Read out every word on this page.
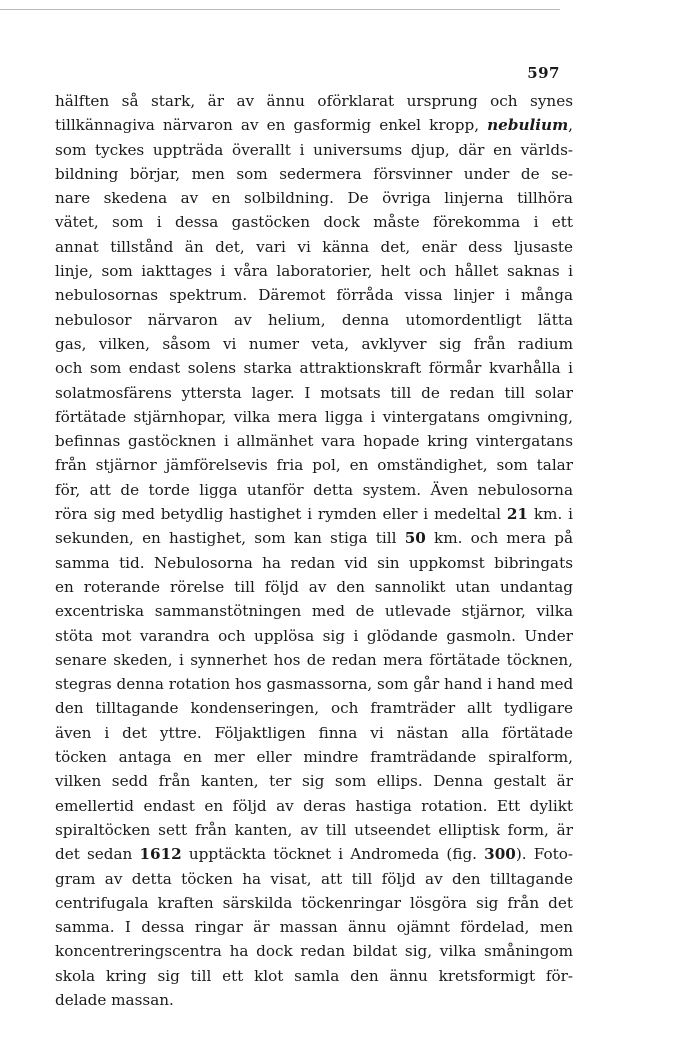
597
hälften så stark, är av ännu oförklarat ursprung och synes
tillkännagiva närvaron av en gasformig enkel kropp, nebulium,
som tyckes uppträda överallt i universums djup, där en världs-
bildning börjar, men som sedermera försvinner under de se-
nare skedena av en solbildning. De övriga linjerna tillhöra
vätet, som i dessa gastöcken dock måste förekomma i ett
annat tillstånd än det, vari vi känna det, enär dess ljusaste
linje, som iakttages i våra laboratorier, helt och hållet saknas i
nebulosornas spektrum. Däremot förråda vissa linjer i många
nebulosor närvaron av helium, denna utomordentligt lätta
gas, vilken, såsom vi numer veta, avklyver sig från radium
och som endast solens starka attraktionskraft förmår kvarhålla i
solatmosfärens yttersta lager. I motsats till de redan till solar
förtätade stjärnhopar, vilka mera ligga i vintergatans omgivning,
befinnas gastöcknen i allmänhet vara hopade kring vintergatans
från stjärnor jämförelsevis fria pol, en omständighet, som talar
för, att de torde ligga utanför detta system. Även nebulosorna
röra sig med betydlig hastighet i rymden eller i medeltal 21 km. i
sekunden, en hastighet, som kan stiga till 50 km. och mera på
samma tid. Nebulosorna ha redan vid sin uppkomst bibringats
en roterande rörelse till följd av den sannolikt utan undantag
excentriska sammanstötningen med de utlevade stjärnor, vilka
stöta mot varandra och upplösa sig i glödande gasmoln. Under
senare skeden, i synnerhet hos de redan mera förtätade töcknen,
stegras denna rotation hos gasmassorna, som går hand i hand med
den tilltagande kondenseringen, och framträder allt tydligare
även i det yttre. Följaktligen finna vi nästan alla förtätade
töcken antaga en mer eller mindre framträdande spiralform,
vilken sedd från kanten, ter sig som ellips. Denna gestalt är
emellertid endast en följd av deras hastiga rotation. Ett dylikt
spiraltöcken sett från kanten, av till utseendet elliptisk form, är
det sedan 1612 upptäckta töcknet i Andromeda (fig. 300). Foto-
gram av detta töcken ha visat, att till följd av den tilltagande
centrifugala kraften särskilda töckenringar lösgöra sig från det
samma. I dessa ringar är massan ännu ojämnt fördelad, men
koncentreringscentra ha dock redan bildat sig, vilka småningom
skola kring sig till ett klot samla den ännu kretsformigt för-
delade massan.
